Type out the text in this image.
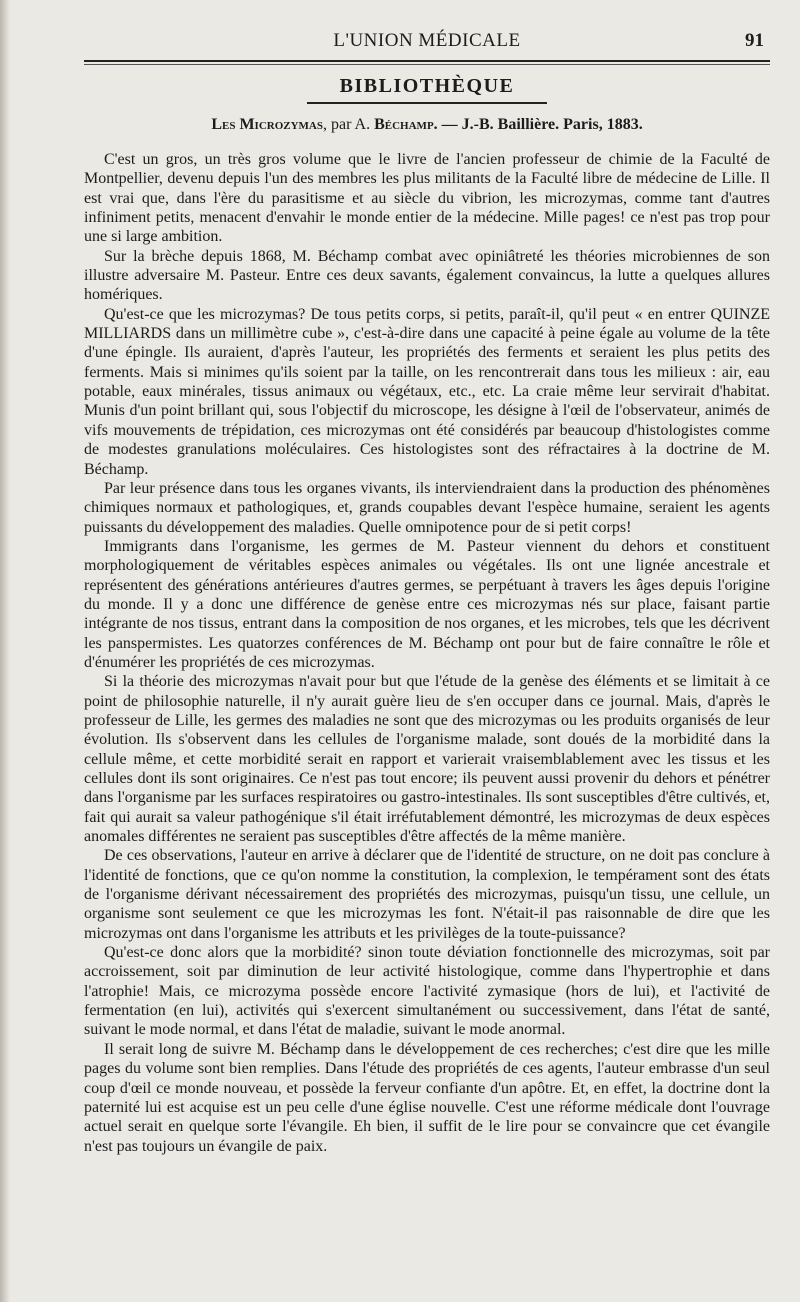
L'UNION MÉDICALE	91
BIBLIOTHÈQUE
Les Microzymas, par A. Béchamp. — J.-B. Baillière. Paris, 1883.

C'est un gros, un très gros volume que le livre de l'ancien professeur de chimie de la Faculté de Montpellier, devenu depuis l'un des membres les plus militants de la Faculté libre de médecine de Lille. Il est vrai que, dans l'ère du parasitisme et au siècle du vibrion, les microzymas, comme tant d'autres infiniment petits, menacent d'envahir le monde entier de la médecine. Mille pages! ce n'est pas trop pour une si large ambition.

Sur la brèche depuis 1868, M. Béchamp combat avec opiniâtreté les théories microbiennes de son illustre adversaire M. Pasteur. Entre ces deux savants, également convaincus, la lutte a quelques allures homériques.

Qu'est-ce que les microzymas? De tous petits corps, si petits, paraît-il, qu'il peut « en entrer QUINZE MILLIARDS dans un millimètre cube », c'est-à-dire dans une capacité à peine égale au volume de la tête d'une épingle. Ils auraient, d'après l'auteur, les propriétés des ferments et seraient les plus petits des ferments. Mais si minimes qu'ils soient par la taille, on les rencontrerait dans tous les milieux : air, eau potable, eaux minérales, tissus animaux ou végétaux, etc., etc. La craie même leur servirait d'habitat. Munis d'un point brillant qui, sous l'objectif du microscope, les désigne à l'œil de l'observateur, animés de vifs mouvements de trépidation, ces microzymas ont été considérés par beaucoup d'histologistes comme de modestes granulations moléculaires. Ces histologistes sont des réfractaires à la doctrine de M. Béchamp.

Par leur présence dans tous les organes vivants, ils interviendraient dans la production des phénomènes chimiques normaux et pathologiques, et, grands coupables devant l'espèce humaine, seraient les agents puissants du développement des maladies. Quelle omnipotence pour de si petit corps!

Immigrants dans l'organisme, les germes de M. Pasteur viennent du dehors et constituent morphologiquement de véritables espèces animales ou végétales. Ils ont une lignée ancestrale et représentent des générations antérieures d'autres germes, se perpétuant à travers les âges depuis l'origine du monde. Il y a donc une différence de genèse entre ces microzymas nés sur place, faisant partie intégrante de nos tissus, entrant dans la composition de nos organes, et les microbes, tels que les décrivent les panspermistes. Les quatorzes conférences de M. Béchamp ont pour but de faire connaître le rôle et d'énumérer les propriétés de ces microzymas.

Si la théorie des microzymas n'avait pour but que l'étude de la genèse des éléments et se limitait à ce point de philosophie naturelle, il n'y aurait guère lieu de s'en occuper dans ce journal. Mais, d'après le professeur de Lille, les germes des maladies ne sont que des microzymas ou les produits organisés de leur évolution. Ils s'observent dans les cellules de l'organisme malade, sont doués de la morbidité dans la cellule même, et cette morbidité serait en rapport et varierait vraisemblablement avec les tissus et les cellules dont ils sont originaires. Ce n'est pas tout encore; ils peuvent aussi provenir du dehors et pénétrer dans l'organisme par les surfaces respiratoires ou gastro-intestinales. Ils sont susceptibles d'être cultivés, et, fait qui aurait sa valeur pathogénique s'il était irréfutablement démontré, les microzymas de deux espèces anomales différentes ne seraient pas susceptibles d'être affectés de la même manière.

De ces observations, l'auteur en arrive à déclarer que de l'identité de structure, on ne doit pas conclure à l'identité de fonctions, que ce qu'on nomme la constitution, la complexion, le tempérament sont des états de l'organisme dérivant nécessairement des propriétés des microzymas, puisqu'un tissu, une cellule, un organisme sont seulement ce que les microzymas les font. N'était-il pas raisonnable de dire que les microzymas ont dans l'organisme les attributs et les privilèges de la toute-puissance?

Qu'est-ce donc alors que la morbidité? sinon toute déviation fonctionnelle des microzymas, soit par accroissement, soit par diminution de leur activité histologique, comme dans l'hypertrophie et dans l'atrophie! Mais, ce microzyma possède encore l'activité zymasique (hors de lui), et l'activité de fermentation (en lui), activités qui s'exercent simultanément ou successivement, dans l'état de santé, suivant le mode normal, et dans l'état de maladie, suivant le mode anormal.

Il serait long de suivre M. Béchamp dans le développement de ces recherches; c'est dire que les mille pages du volume sont bien remplies. Dans l'étude des propriétés de ces agents, l'auteur embrasse d'un seul coup d'œil ce monde nouveau, et possède la ferveur confiante d'un apôtre. Et, en effet, la doctrine dont la paternité lui est acquise est un peu celle d'une église nouvelle. C'est une réforme médicale dont l'ouvrage actuel serait en quelque sorte l'évangile. Eh bien, il suffit de le lire pour se convaincre que cet évangile n'est pas toujours un évangile de paix.
